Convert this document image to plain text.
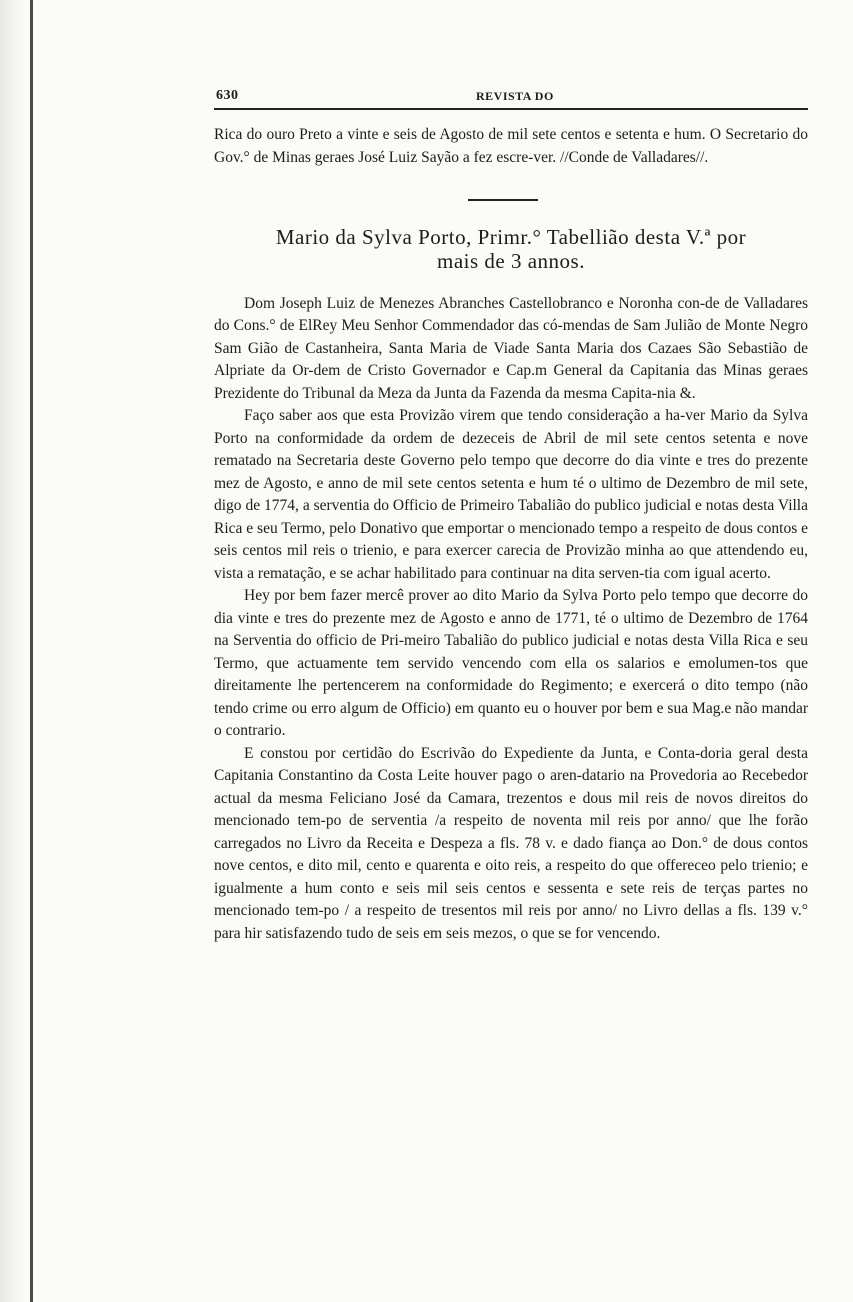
630	REVISTA DO

Rica do ouro Preto a vinte e seis de Agosto de mil sete centos e setenta e hum. O Secretario do Gov.° de Minas geraes José Luiz Sayão a fez escre-ver. //Conde de Valladares//.

Mario da Sylva Porto, Primr.° Tabellião desta V.ª por
mais de 3 annos.

Dom Joseph Luiz de Menezes Abranches Castellobranco e Noronha con-de de Valladares do Cons.° de ElRey Meu Senhor Commendador das có-mendas de Sam Julião de Monte Negro Sam Gião de Castanheira, Santa Maria de Viade Santa Maria dos Cazaes São Sebastião de Alpriate da Or-dem de Cristo Governador e Cap.m General da Capitania das Minas geraes Prezidente do Tribunal da Meza da Junta da Fazenda da mesma Capita-nia &.

Faço saber aos que esta Provizão virem que tendo consideração a ha-ver Mario da Sylva Porto na conformidade da ordem de dezeceis de Abril de mil sete centos setenta e nove rematado na Secretaria deste Governo pelo tempo que decorre do dia vinte e tres do prezente mez de Agosto, e anno de mil sete centos setenta e hum té o ultimo de Dezembro de mil sete, digo de 1774, a serventia do Officio de Primeiro Tabalião do publico judicial e notas desta Villa Rica e seu Termo, pelo Donativo que emportar o mencionado tempo a respeito de dous contos e seis centos mil reis o trienio, e para exercer carecia de Provizão minha ao que attendendo eu, vista a rematação, e se achar habilitado para continuar na dita serven-tia com igual acerto.

Hey por bem fazer mercê prover ao dito Mario da Sylva Porto pelo tempo que decorre do dia vinte e tres do prezente mez de Agosto e anno de 1771, té o ultimo de Dezembro de 1764 na Serventia do officio de Pri-meiro Tabalião do publico judicial e notas desta Villa Rica e seu Termo, que actuamente tem servido vencendo com ella os salarios e emolumen-tos que direitamente lhe pertencerem na conformidade do Regimento; e exercerá o dito tempo (não tendo crime ou erro algum de Officio) em quanto eu o houver por bem e sua Mag.e não mandar o contrario.

E constou por certidão do Escrivão do Expediente da Junta, e Conta-doria geral desta Capitania Constantino da Costa Leite houver pago o aren-datario na Provedoria ao Recebedor actual da mesma Feliciano José da Camara, trezentos e dous mil reis de novos direitos do mencionado tem-po de serventia /a respeito de noventa mil reis por anno/ que lhe forão carregados no Livro da Receita e Despeza a fls. 78 v. e dado fiança ao Don.° de dous contos nove centos, e dito mil, cento e quarenta e oito reis, a respeito do que offereceo pelo trienio; e igualmente a hum conto e seis mil seis centos e sessenta e sete reis de terças partes no mencionado tem-po / a respeito de tresentos mil reis por anno/ no Livro dellas a fls. 139 v.° para hir satisfazendo tudo de seis em seis mezos, o que se for vencendo.
